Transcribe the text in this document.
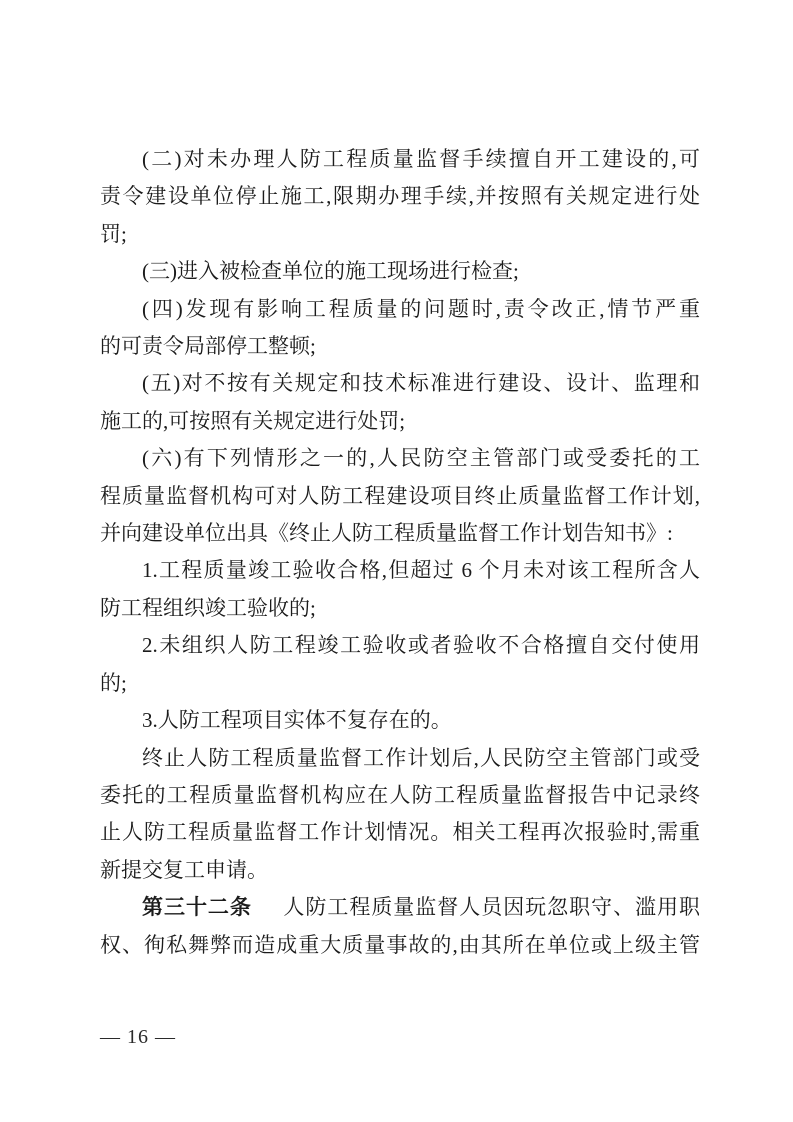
(二)对未办理人防工程质量监督手续擅自开工建设的,可
责令建设单位停止施工,限期办理手续,并按照有关规定进行处
罚;
(三)进入被检查单位的施工现场进行检查;
(四)发现有影响工程质量的问题时,责令改正,情节严重
的可责令局部停工整顿;
(五)对不按有关规定和技术标准进行建设、设计、监理和
施工的,可按照有关规定进行处罚;
(六)有下列情形之一的,人民防空主管部门或受委托的工
程质量监督机构可对人防工程建设项目终止质量监督工作计划,
并向建设单位出具《终止人防工程质量监督工作计划告知书》:
1.工程质量竣工验收合格,但超过 6 个月未对该工程所含人
防工程组织竣工验收的;
2.未组织人防工程竣工验收或者验收不合格擅自交付使用
的;
3.人防工程项目实体不复存在的。
终止人防工程质量监督工作计划后,人民防空主管部门或受
委托的工程质量监督机构应在人防工程质量监督报告中记录终
止人防工程质量监督工作计划情况。相关工程再次报验时,需重
新提交复工申请。
第三十二条 人防工程质量监督人员因玩忽职守、滥用职
权、徇私舞弊而造成重大质量事故的,由其所在单位或上级主管
— 16 —
